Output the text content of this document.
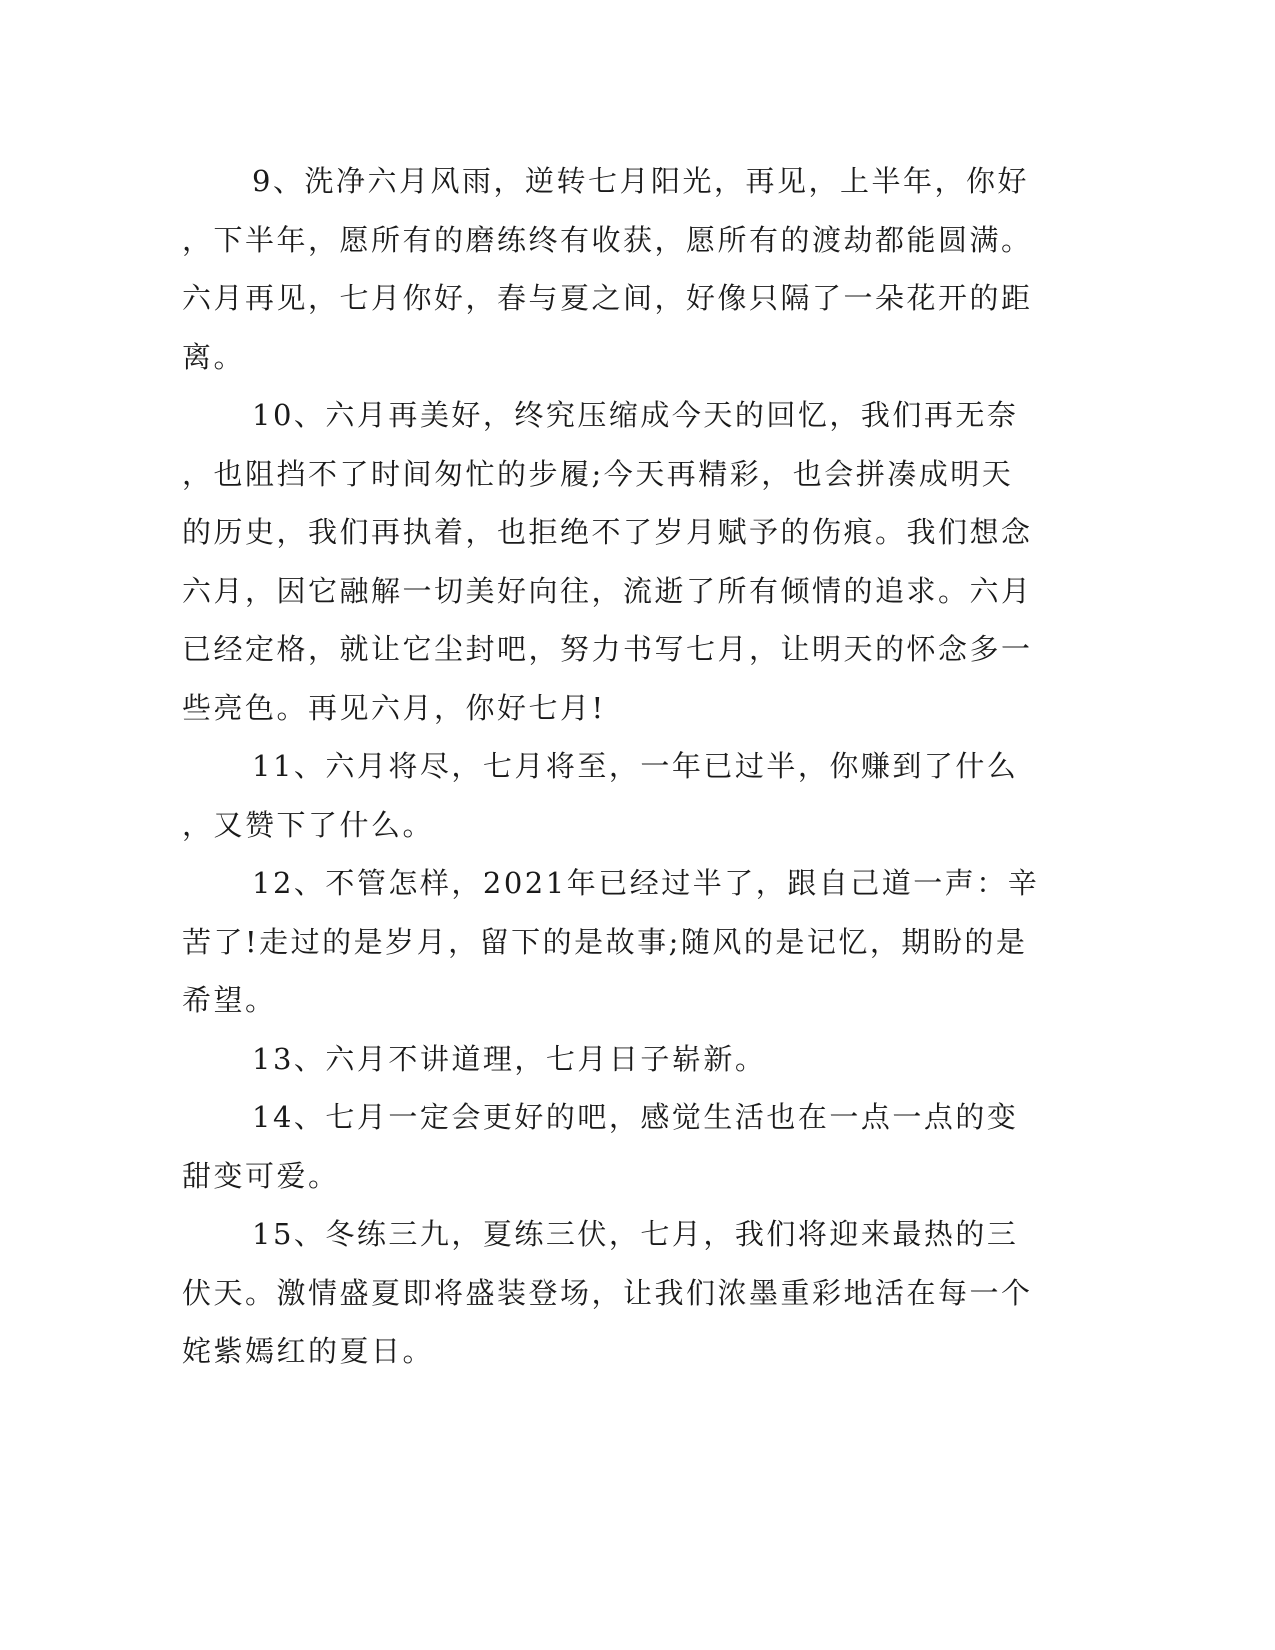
9、洗净六月风雨，逆转七月阳光，再见，上半年，你好
，下半年，愿所有的磨练终有收获，愿所有的渡劫都能圆满。
六月再见，七月你好，春与夏之间，好像只隔了一朵花开的距
离。
10、六月再美好，终究压缩成今天的回忆，我们再无奈
，也阻挡不了时间匆忙的步履;今天再精彩，也会拼凑成明天
的历史，我们再执着，也拒绝不了岁月赋予的伤痕。我们想念
六月，因它融解一切美好向往，流逝了所有倾情的追求。六月
已经定格，就让它尘封吧，努力书写七月，让明天的怀念多一
些亮色。再见六月，你好七月!
11、六月将尽，七月将至，一年已过半，你赚到了什么
，又赞下了什么。
12、不管怎样，2021年已经过半了，跟自己道一声：辛
苦了!走过的是岁月，留下的是故事;随风的是记忆，期盼的是
希望。
13、六月不讲道理，七月日子崭新。
14、七月一定会更好的吧，感觉生活也在一点一点的变
甜变可爱。
15、冬练三九，夏练三伏，七月，我们将迎来最热的三
伏天。激情盛夏即将盛装登场，让我们浓墨重彩地活在每一个
姹紫嫣红的夏日。
